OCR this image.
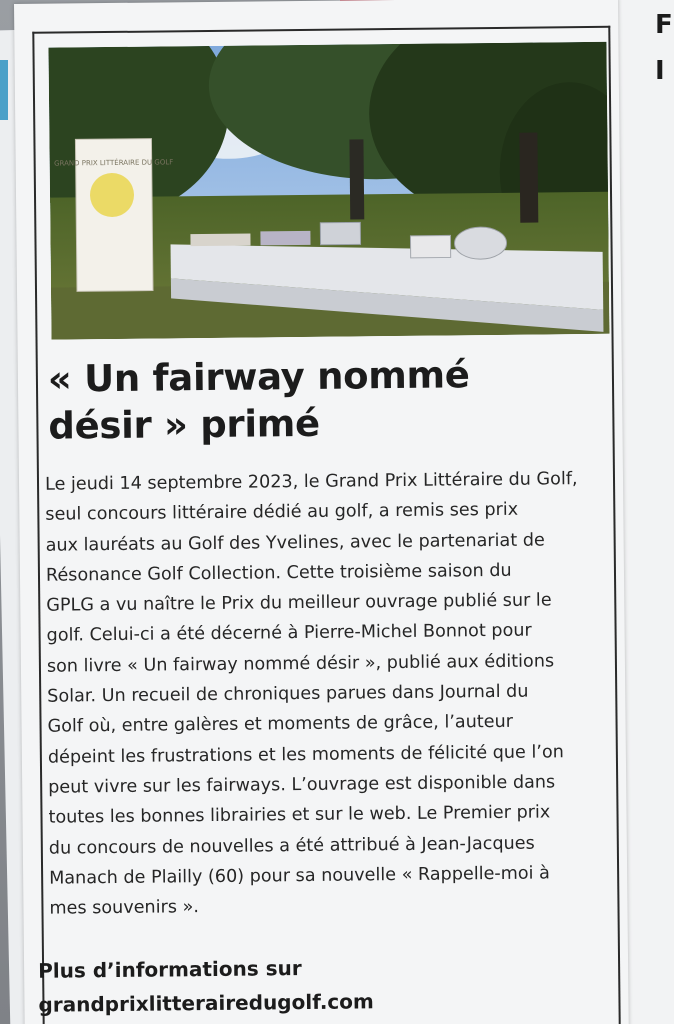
F
I
GRAND PRIX LITTÉRAIRE DU GOLF
« Un fairway nommé
désir » primé
Le jeudi 14 septembre 2023, le Grand Prix Littéraire du Golf,
seul concours littéraire dédié au golf, a remis ses prix
aux lauréats au Golf des Yvelines, avec le partenariat de
Résonance Golf Collection. Cette troisième saison du
GPLG a vu naître le Prix du meilleur ouvrage publié sur le
golf. Celui-ci a été décerné à Pierre-Michel Bonnot pour
son livre « Un fairway nommé désir », publié aux éditions
Solar. Un recueil de chroniques parues dans Journal du
Golf où, entre galères et moments de grâce, l’auteur
dépeint les frustrations et les moments de félicité que l’on
peut vivre sur les fairways. L’ouvrage est disponible dans
toutes les bonnes librairies et sur le web. Le Premier prix
du concours de nouvelles a été attribué à Jean-Jacques
Manach de Plailly (60) pour sa nouvelle « Rappelle-moi à
mes souvenirs ».
Plus d’informations sur
grandprixlitterairedugolf.com
